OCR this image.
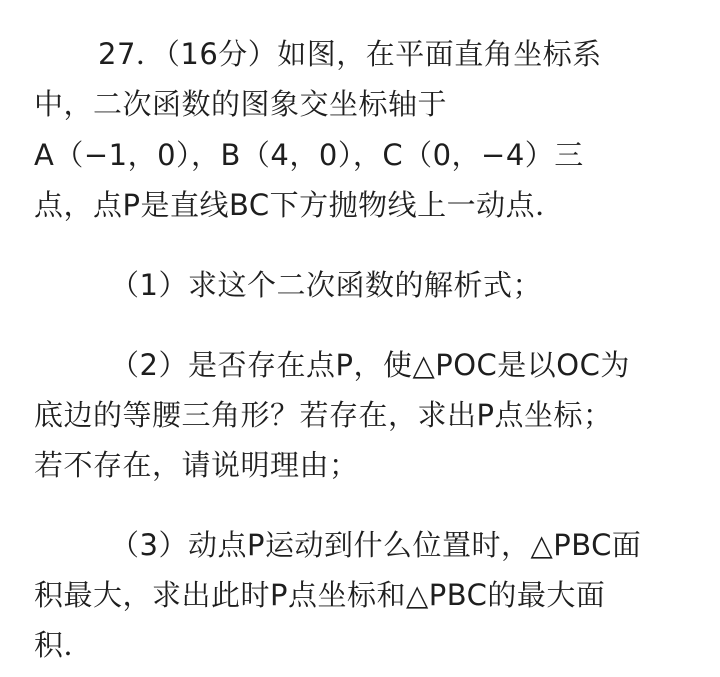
27．（16分）如图，在平面直角坐标系
中，二次函数的图象交坐标轴于
A（−1，0），B（4，0），C（0，−4）三
点，点P是直线BC下方抛物线上一动点．
（1）求这个二次函数的解析式；
（2）是否存在点P，使△POC是以OC为
底边的等腰三角形？若存在，求出P点坐标；
若不存在，请说明理由；
（3）动点P运动到什么位置时，△PBC面
积最大，求出此时P点坐标和△PBC的最大面
积．
